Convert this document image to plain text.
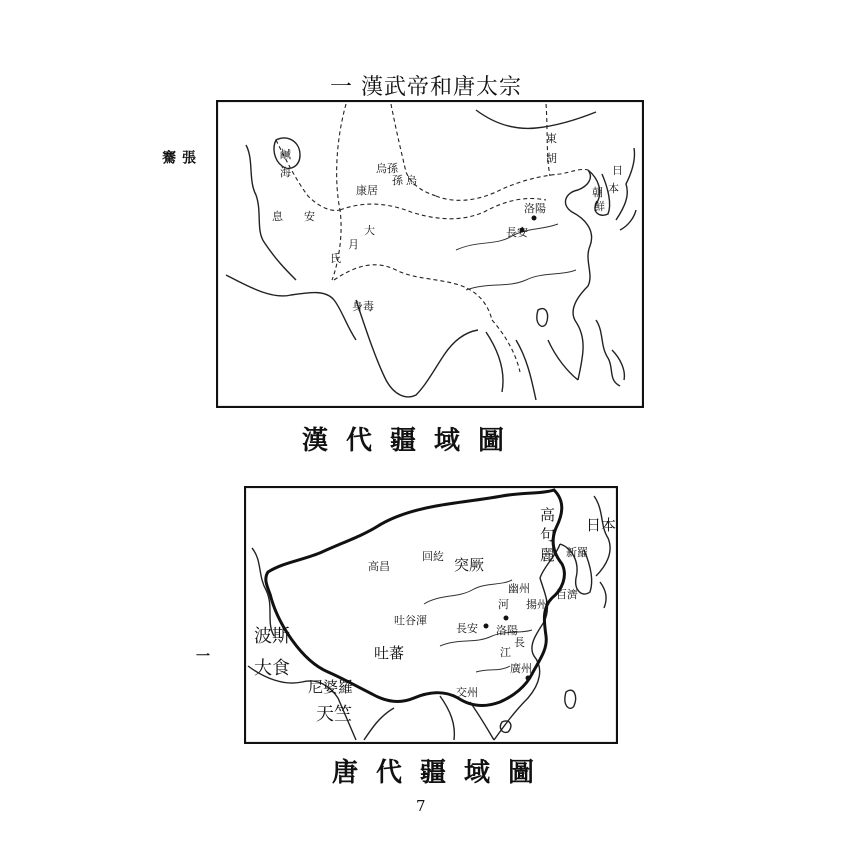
一 漢武帝和唐太宗
張 騫
一
烏孫
康居
大
月
氏
安
息
鹹
海
烏
孫
身毒
東
胡
朝
鮮
日
本
長安
洛陽
漢代疆域圖
突厥
回紇
高昌
高
句
麗 新羅
百濟
日本
吐谷渾
吐蕃
波斯
大食
尼婆羅
天竺
長安 洛陽
河
幽州
揚州
長
江
廣州
交州
唐代疆域圖
7
